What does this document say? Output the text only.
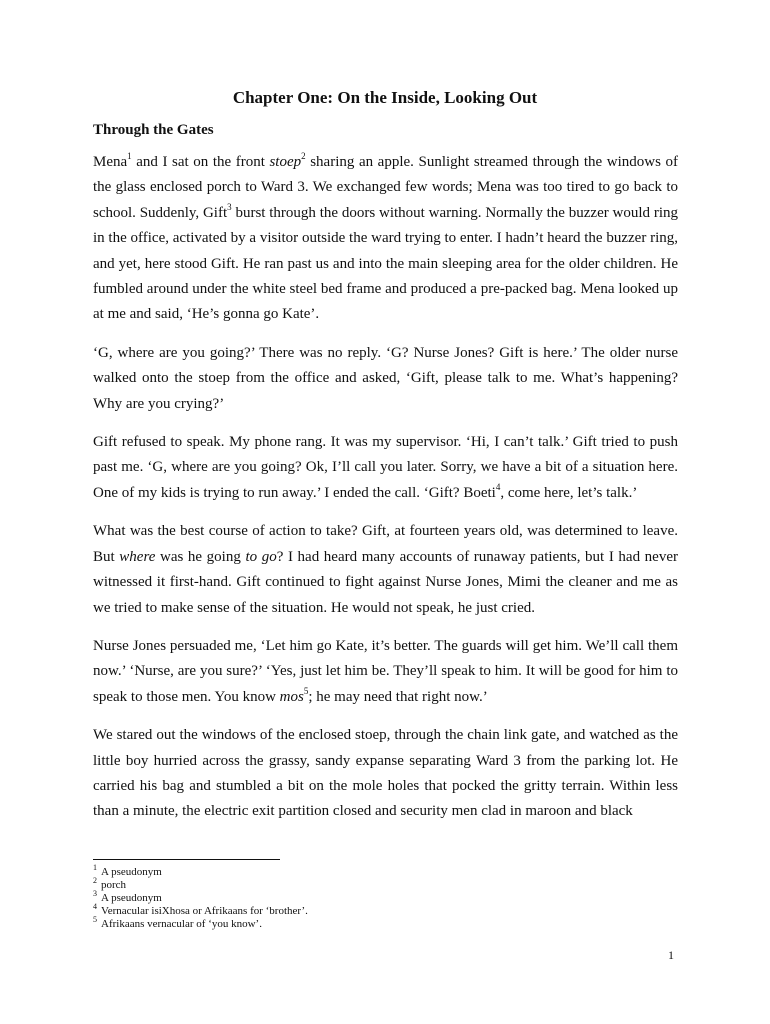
Chapter One: On the Inside, Looking Out
Through the Gates

Mena$^1$ and I sat on the front stoep$^2$ sharing an apple. Sunlight streamed through the windows of the glass enclosed porch to Ward 3. We exchanged few words; Mena was too tired to go back to school. Suddenly, Gift$^3$ burst through the doors without warning. Normally the buzzer would ring in the office, activated by a visitor outside the ward trying to enter. I hadn’t heard the buzzer ring, and yet, here stood Gift. He ran past us and into the main sleeping area for the older children. He fumbled around under the white steel bed frame and produced a pre-packed bag. Mena looked up at me and said, ‘He’s gonna go Kate’.

‘G, where are you going?’ There was no reply. ‘G? Nurse Jones? Gift is here.’ The older nurse walked onto the stoep from the office and asked, ‘Gift, please talk to me. What’s happening? Why are you crying?’

Gift refused to speak. My phone rang. It was my supervisor. ‘Hi, I can’t talk.’ Gift tried to push past me. ‘G, where are you going? Ok, I’ll call you later. Sorry, we have a bit of a situation here. One of my kids is trying to run away.’ I ended the call. ‘Gift? Boeti$^4$, come here, let’s talk.’

What was the best course of action to take? Gift, at fourteen years old, was determined to leave. But where was he going to go? I had heard many accounts of runaway patients, but I had never witnessed it first-hand. Gift continued to fight against Nurse Jones, Mimi the cleaner and me as we tried to make sense of the situation. He would not speak, he just cried.

Nurse Jones persuaded me, ‘Let him go Kate, it’s better. The guards will get him. We’ll call them now.’ ‘Nurse, are you sure?’ ‘Yes, just let him be. They’ll speak to him. It will be good for him to speak to those men. You know mos$^5$; he may need that right now.’

We stared out the windows of the enclosed stoep, through the chain link gate, and watched as the little boy hurried across the grassy, sandy expanse separating Ward 3 from the parking lot. He carried his bag and stumbled a bit on the mole holes that pocked the gritty terrain. Within less than a minute, the electric exit partition closed and security men clad in maroon and black

1 A pseudonym
2 porch
3 A pseudonym
4 Vernacular isiXhosa or Afrikaans for ‘brother’.
5 Afrikaans vernacular of ‘you know’.
1
